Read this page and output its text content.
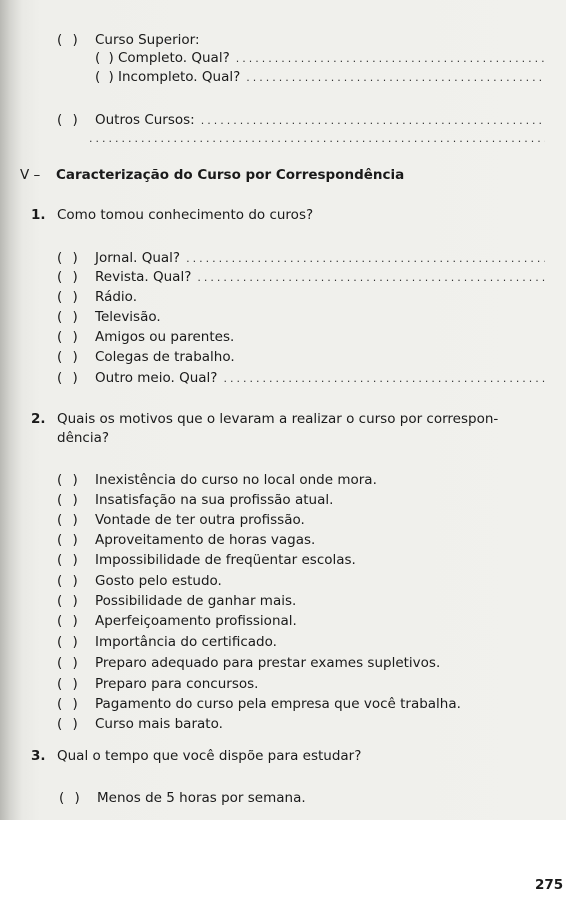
( )	Curso Superior:
( ) Completo. Qual?
.....
( ) Incompleto. Qual?
.....
( )	Outros Cursos:
.....
.....
V –	Caracterização do Curso por Correspondência
1. Como tomou conhecimento do curos?
( )	Jornal. Qual?
.....
( )	Revista. Qual?
.....
( )	Rádio.
( )	Televisão.
( )	Amigos ou parentes.
( )	Colegas de trabalho.
( )	Outro meio. Qual?
.....
2. Quais os motivos que o levaram a realizar o curso por correspon-
dência?
( )	Inexistência do curso no local onde mora.
( )	Insatisfação na sua profissão atual.
( )	Vontade de ter outra profissão.
( )	Aproveitamento de horas vagas.
( )	Impossibilidade de freqüentar escolas.
( )	Gosto pelo estudo.
( )	Possibilidade de ganhar mais.
( )	Aperfeiçoamento profissional.
( )	Importância do certificado.
( )	Preparo adequado para prestar exames supletivos.
( )	Preparo para concursos.
( )	Pagamento do curso pela empresa que você trabalha.
( )	Curso mais barato.
3. Qual o tempo que você dispõe para estudar?
( )	Menos de 5 horas por semana.
275
